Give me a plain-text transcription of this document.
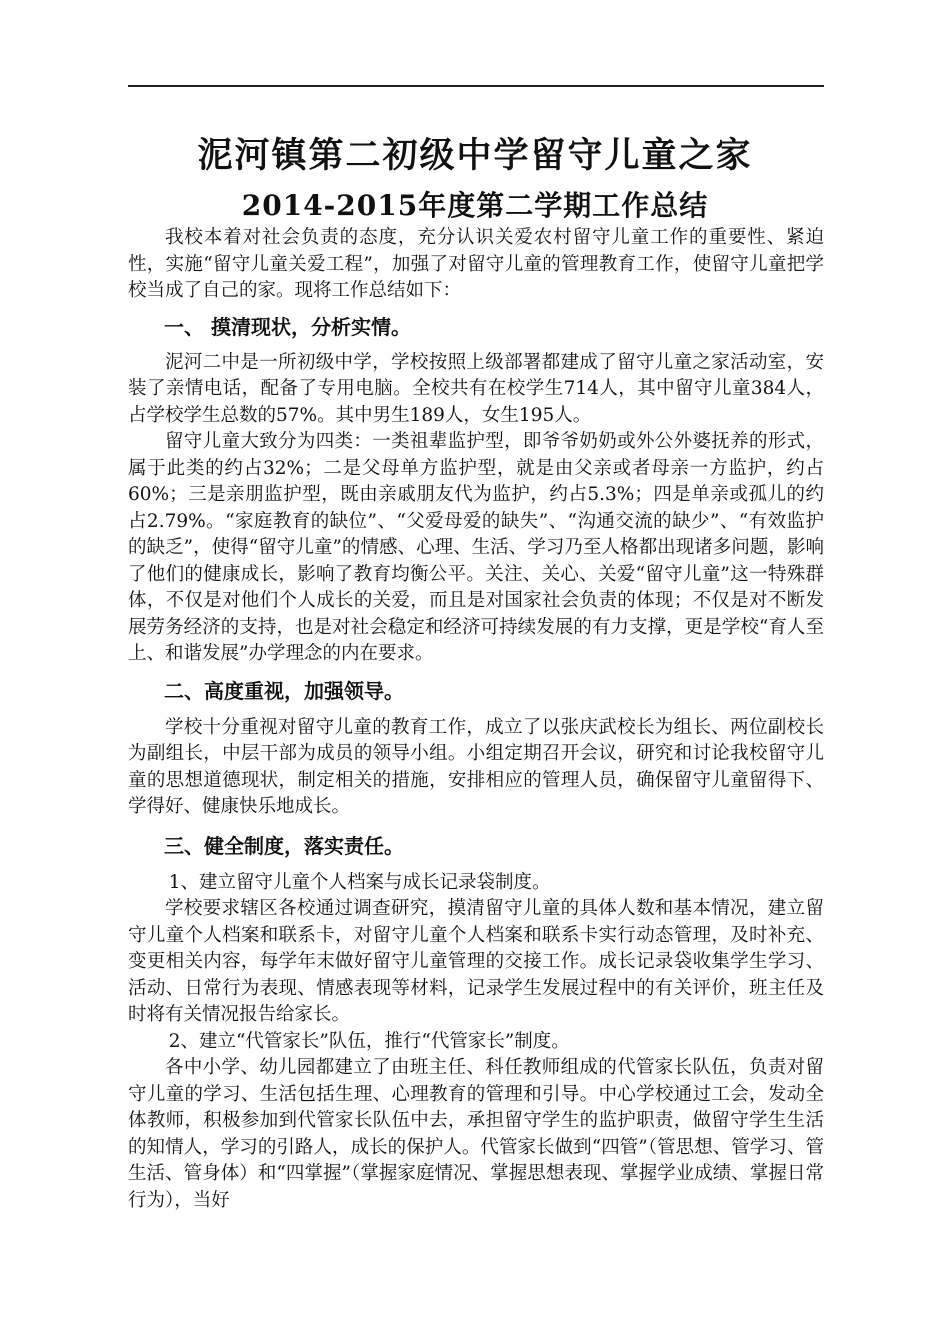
泥河镇第二初级中学留守儿童之家
2014-2015年度第二学期工作总结

我校本着对社会负责的态度，充分认识关爱农村留守儿童工作的重要性、紧迫性，实施“留守儿童关爱工程”，加强了对留守儿童的管理教育工作，使留守儿童把学校当成了自己的家。现将工作总结如下：

一、 摸清现状，分析实情。

泥河二中是一所初级中学，学校按照上级部署都建成了留守儿童之家活动室，安装了亲情电话，配备了专用电脑。全校共有在校学生714人，其中留守儿童384人，占学校学生总数的57%。其中男生189人，女生195人。

留守儿童大致分为四类：一类祖辈监护型，即爷爷奶奶或外公外婆抚养的形式，属于此类的约占32%；二是父母单方监护型，就是由父亲或者母亲一方监护，约占60%；三是亲朋监护型，既由亲戚朋友代为监护，约占5.3%；四是单亲或孤儿的约占2.79%。“家庭教育的缺位”、“父爱母爱的缺失”、“沟通交流的缺少”、“有效监护的缺乏”，使得“留守儿童”的情感、心理、生活、学习乃至人格都出现诸多问题，影响了他们的健康成长，影响了教育均衡公平。关注、关心、关爱“留守儿童”这一特殊群体，不仅是对他们个人成长的关爱，而且是对国家社会负责的体现；不仅是对不断发展劳务经济的支持，也是对社会稳定和经济可持续发展的有力支撑，更是学校“育人至上、和谐发展”办学理念的内在要求。

二、高度重视，加强领导。

学校十分重视对留守儿童的教育工作，成立了以张庆武校长为组长、两位副校长为副组长，中层干部为成员的领导小组。小组定期召开会议，研究和讨论我校留守儿童的思想道德现状，制定相关的措施，安排相应的管理人员，确保留守儿童留得下、学得好、健康快乐地成长。

三、健全制度，落实责任。

1、建立留守儿童个人档案与成长记录袋制度。

学校要求辖区各校通过调查研究，摸清留守儿童的具体人数和基本情况，建立留守儿童个人档案和联系卡，对留守儿童个人档案和联系卡实行动态管理，及时补充、变更相关内容，每学年末做好留守儿童管理的交接工作。成长记录袋收集学生学习、活动、日常行为表现、情感表现等材料，记录学生发展过程中的有关评价，班主任及时将有关情况报告给家长。

2、建立“代管家长”队伍，推行“代管家长”制度。

各中小学、幼儿园都建立了由班主任、科任教师组成的代管家长队伍，负责对留守儿童的学习、生活包括生理、心理教育的管理和引导。中心学校通过工会，发动全体教师，积极参加到代管家长队伍中去，承担留守学生的监护职责，做留守学生生活的知情人，学习的引路人，成长的保护人。代管家长做到“四管”（管思想、管学习、管生活、管身体）和“四掌握”（掌握家庭情况、掌握思想表现、掌握学业成绩、掌握日常行为），当好
